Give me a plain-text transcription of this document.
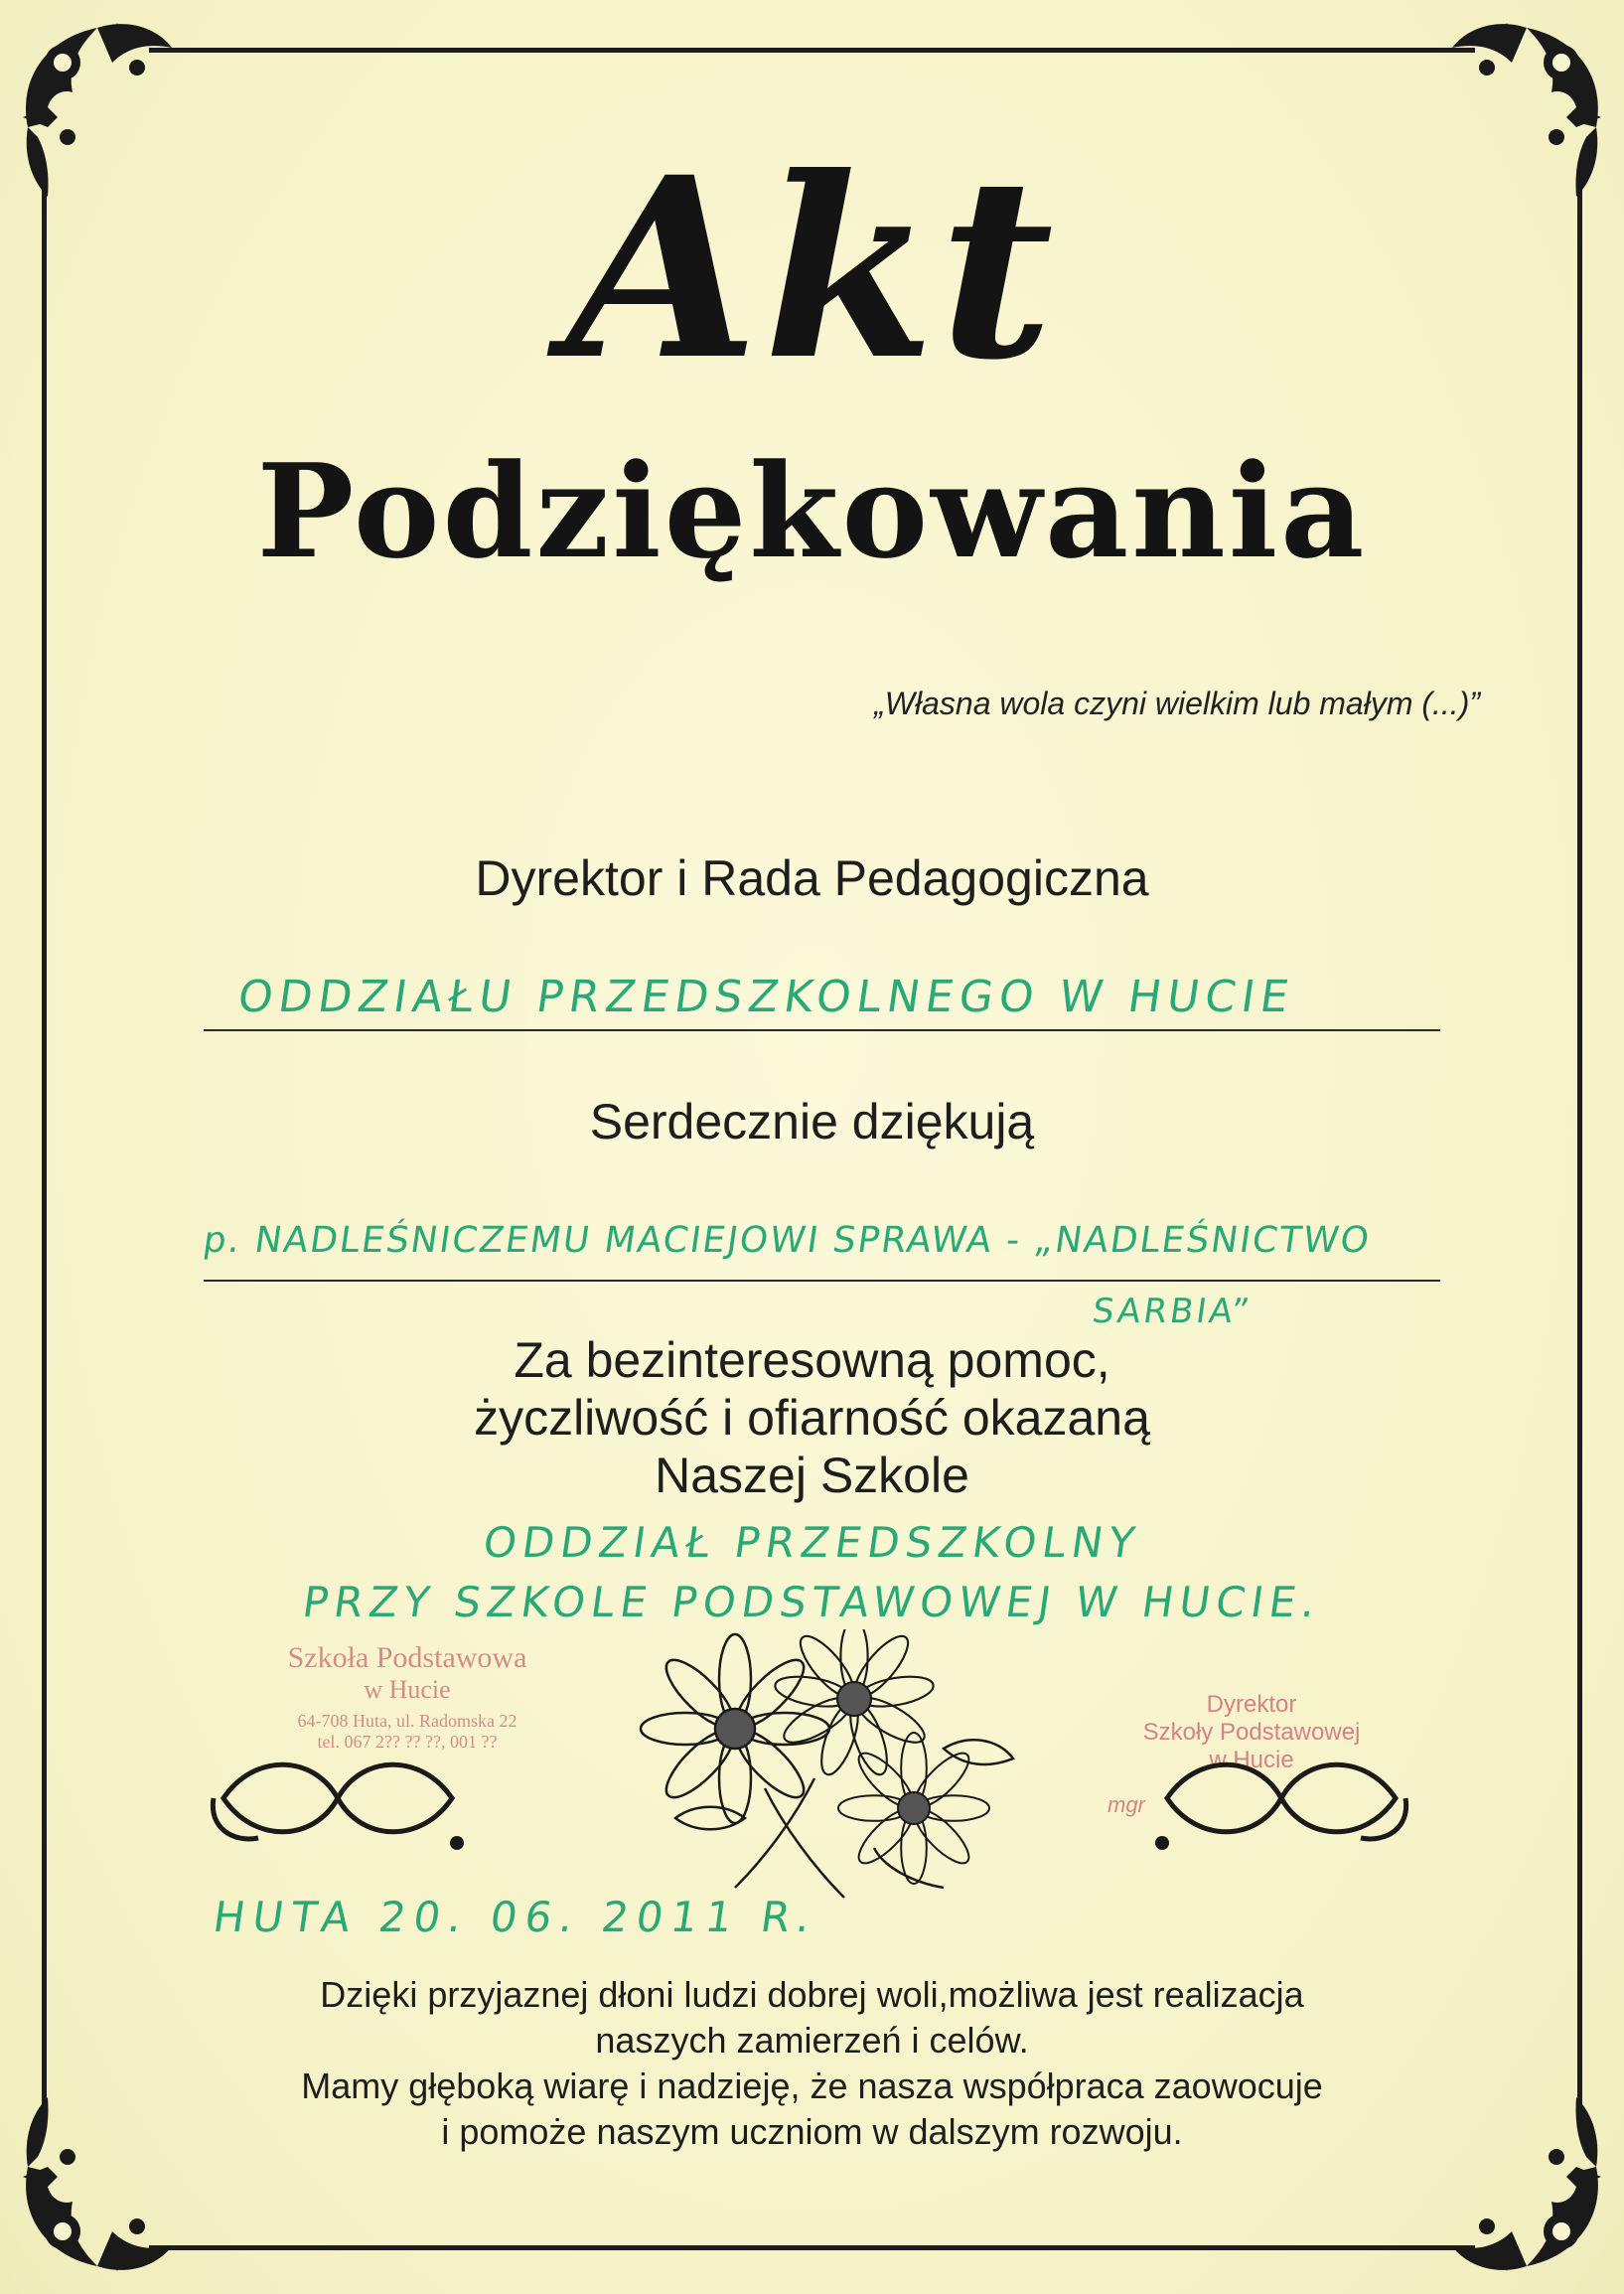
Akt
Podziękowania
„Własna wola czyni wielkim lub małym (...)”
Dyrektor i Rada Pedagogiczna
ODDZIAŁU PRZEDSZKOLNEGO W HUCIE
Serdecznie dziękują
p. NADLEŚNICZEMU MACIEJOWI SPRAWA - „NADLEŚNICTWO
SARBIA”
Za bezinteresowną pomoc,
życzliwość i ofiarność okazaną
Naszej Szkole
ODDZIAŁ PRZEDSZKOLNY
PRZY SZKOLE PODSTAWOWEJ W HUCIE.
Szkoła Podstawowa
w Hucie
64-708 Huta, ul. Radomska 22
tel. 067 2?? ?? ??, 001 ??
Dyrektor
Szkoły Podstawowej
w Hucie
mgr
HUTA 20. 06. 2011 R.
Dzięki przyjaznej dłoni ludzi dobrej woli,możliwa jest realizacja
naszych zamierzeń i celów.
Mamy głęboką wiarę i nadzieję, że nasza współpraca zaowocuje
i pomoże naszym uczniom w dalszym rozwoju.
